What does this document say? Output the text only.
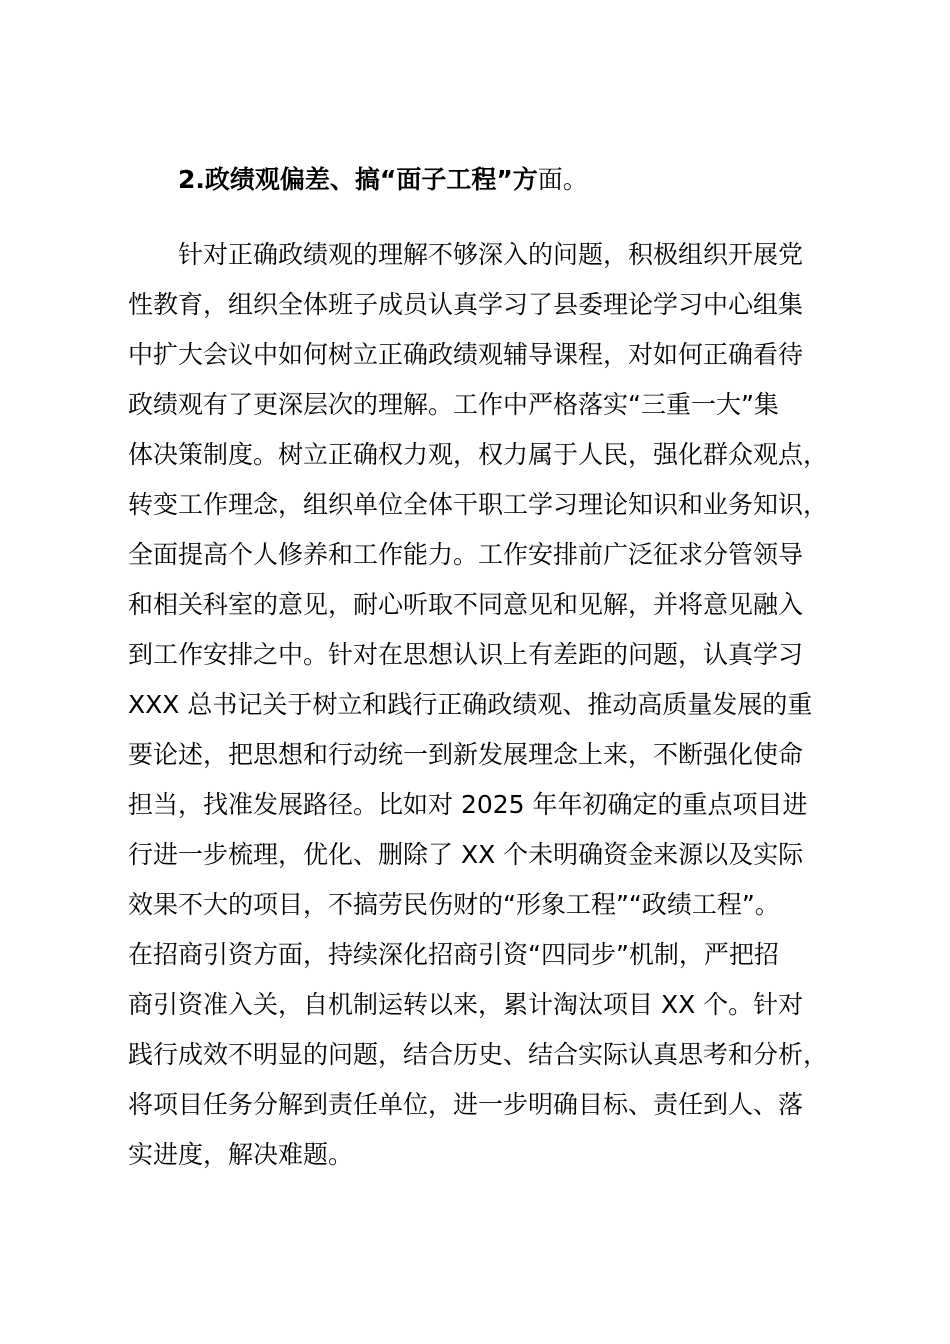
2.政绩观偏差、搞“面子工程”方面。
针对正确政绩观的理解不够深入的问题，积极组织开展党
性教育，组织全体班子成员认真学习了县委理论学习中心组集
中扩大会议中如何树立正确政绩观辅导课程，对如何正确看待
政绩观有了更深层次的理解。工作中严格落实“三重一大”集
体决策制度。树立正确权力观，权力属于人民，强化群众观点，
转变工作理念，组织单位全体干职工学习理论知识和业务知识，
全面提高个人修养和工作能力。工作安排前广泛征求分管领导
和相关科室的意见，耐心听取不同意见和见解，并将意见融入
到工作安排之中。针对在思想认识上有差距的问题，认真学习
XXX 总书记关于树立和践行正确政绩观、推动高质量发展的重
要论述，把思想和行动统一到新发展理念上来，不断强化使命
担当，找准发展路径。比如对 2025 年年初确定的重点项目进
行进一步梳理，优化、删除了 XX 个未明确资金来源以及实际
效果不大的项目，不搞劳民伤财的“形象工程”“政绩工程”。
在招商引资方面，持续深化招商引资“四同步”机制，严把招
商引资准入关，自机制运转以来，累计淘汰项目 XX 个。针对
践行成效不明显的问题，结合历史、结合实际认真思考和分析，
将项目任务分解到责任单位，进一步明确目标、责任到人、落
实进度，解决难题。
